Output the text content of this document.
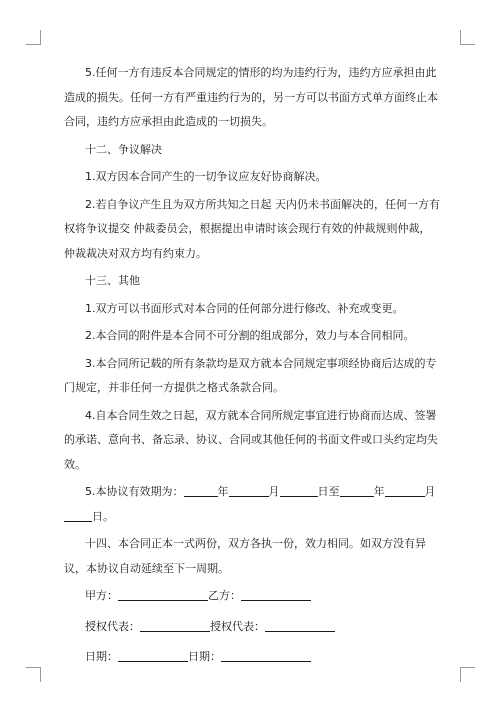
5.任何一方有违反本合同规定的情形的均为违约行为，违约方应承担由此造成的损失。任何一方有严重违约行为的，另一方可以书面方式单方面终止本合同，违约方应承担由此造成的一切损失。

十二、争议解决

1.双方因本合同产生的一切争议应友好协商解决。

2.若自争议产生且为双方所共知之日起 天内仍未书面解决的，任何一方有权将争议提交 仲裁委员会，根据提出申请时该会现行有效的仲裁规则仲裁，仲裁裁决对双方均有约束力。

十三、其他

1.双方可以书面形式对本合同的任何部分进行修改、补充或变更。

2.本合同的附件是本合同不可分割的组成部分，效力与本合同相同。

3.本合同所记载的所有条款均是双方就本合同规定事项经协商后达成的专门规定，并非任何一方提供之格式条款合同。

4.自本合同生效之日起，双方就本合同所规定事宜进行协商而达成、签署的承诺、意向书、备忘录、协议、合同或其他任何的书面文件或口头约定均失效。

5.本协议有效期为：	年	月	日至	年	月日。

十四、本合同正本一式两份，双方各执一份，效力相同。如双方没有异议，本协议自动延续至下一周期。

甲方：	乙方：
授权代表：	授权代表：
日期：	日期：
